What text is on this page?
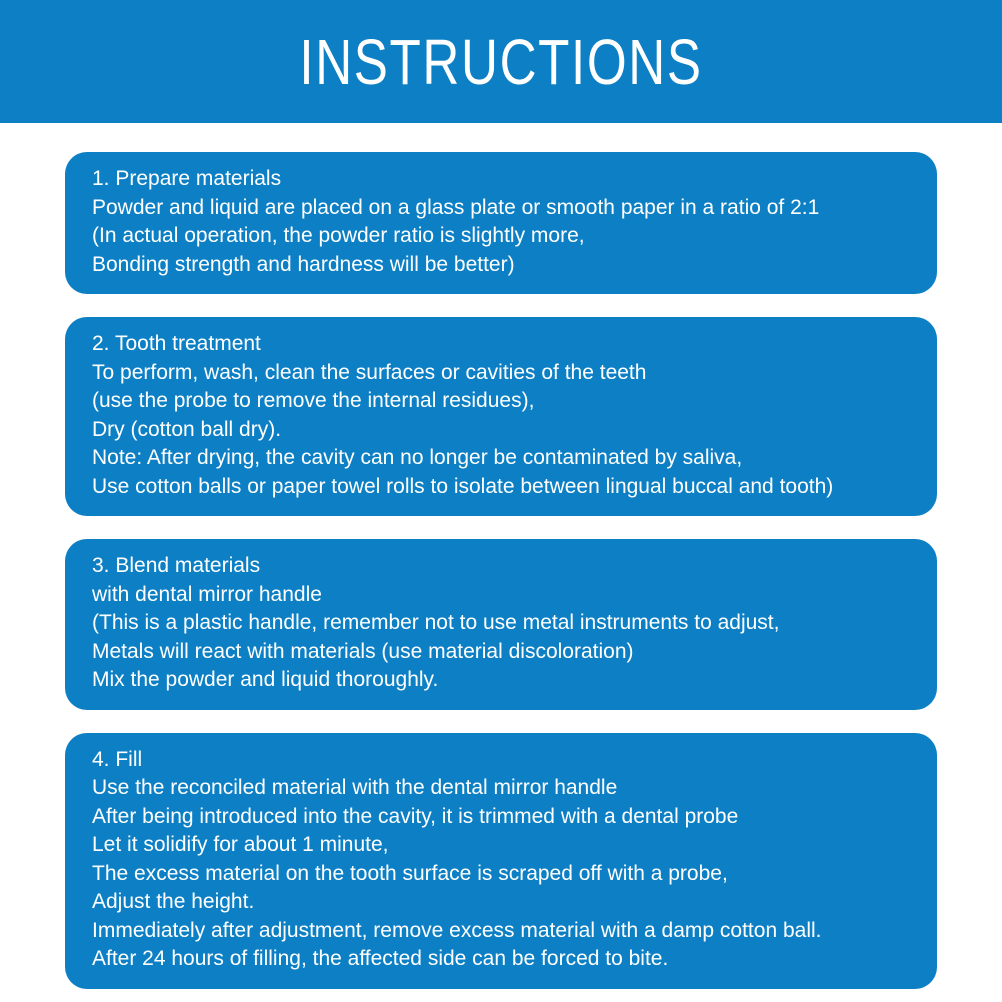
INSTRUCTIONS
1. Prepare materials
Powder and liquid are placed on a glass plate or smooth paper in a ratio of 2:1
(In actual operation, the powder ratio is slightly more,
Bonding strength and hardness will be better)
2. Tooth treatment
To perform, wash, clean the surfaces or cavities of the teeth
(use the probe to remove the internal residues),
Dry (cotton ball dry).
Note: After drying, the cavity can no longer be contaminated by saliva,
Use cotton balls or paper towel rolls to isolate between lingual buccal and tooth)
3. Blend materials
with dental mirror handle
(This is a plastic handle, remember not to use metal instruments to adjust,
Metals will react with materials (use material discoloration)
Mix the powder and liquid thoroughly.
4. Fill
Use the reconciled material with the dental mirror handle
After being introduced into the cavity, it is trimmed with a dental probe
Let it solidify for about 1 minute,
The excess material on the tooth surface is scraped off with a probe,
Adjust the height.
Immediately after adjustment, remove excess material with a damp cotton ball.
After 24 hours of filling, the affected side can be forced to bite.
